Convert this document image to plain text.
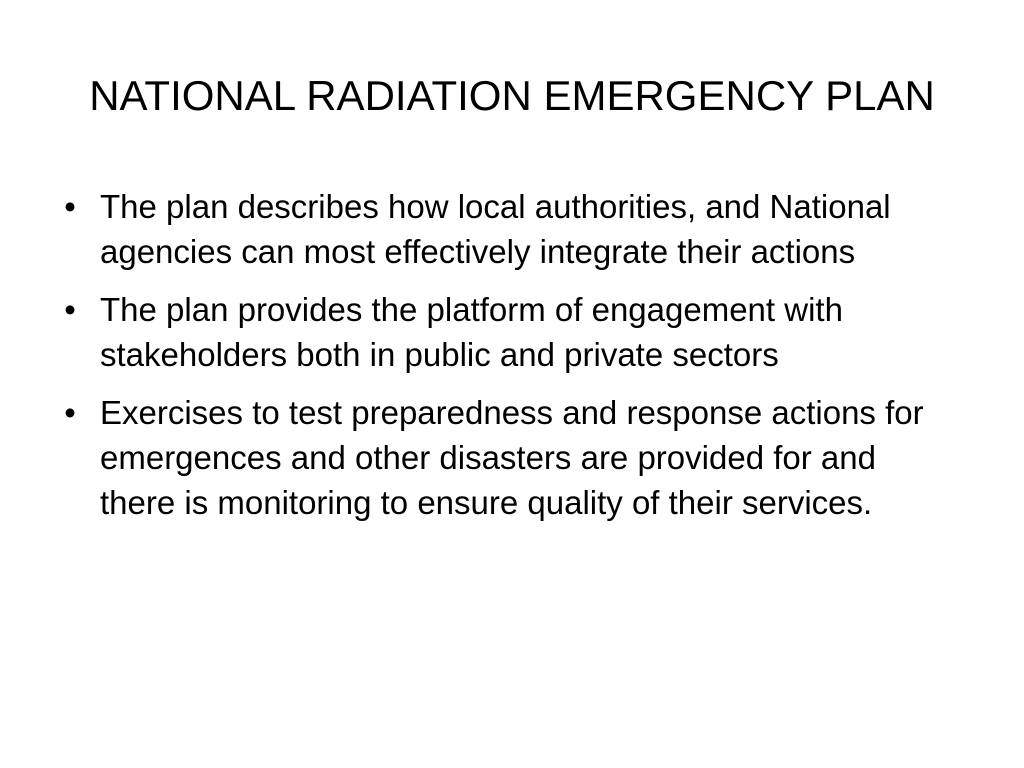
NATIONAL RADIATION EMERGENCY PLAN
• The plan describes how local authorities, and National agencies can most effectively integrate their actions
• The plan provides the platform of engagement with stakeholders both in public and private sectors
• Exercises to test preparedness and response actions for emergences and other disasters are provided for and there is monitoring to ensure quality of their services.
